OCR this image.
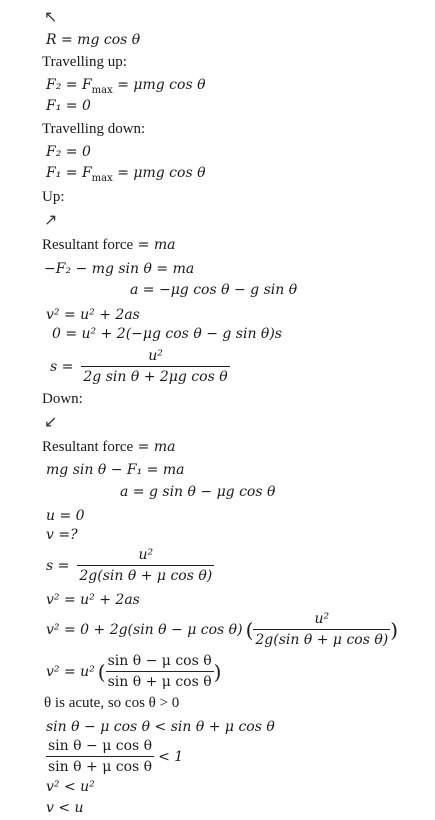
↖
R = mg cos θ
Travelling up:
$F_2 = F_{max} = \mu mg$ cos θ
F₁ = 0
Travelling down:
F₂ = 0
$F_1 = F_{max} = \mu mg$ cos θ
Up:
↗
Resultant force = ma
−F₂ − mg sin θ = ma
a = −μg cos θ − g sin θ
v² = u² + 2as
0 = u² + 2(−μg cos θ − g sin θ)s
$s = \frac{\text{u²}}{\text{2g sin θ + 2μg cos θ}}$
Down:
↙
Resultant force = ma
mg sin θ − F₁ = ma
a = g sin θ − μg cos θ
u = 0
v =?
$s = \frac{\text{u²}}{\text{2g(sin θ + μ cos θ)}}$
v² = u² + 2as
v² = 0 + 2g(sin θ − μ cos θ) ( $\frac{\text{u²}}{\text{2g(sin θ + μ cos θ)}}$ )
v² = u² ( $\frac{\text{sin θ − μ cos θ}}{\text{sin θ + μ cos θ}}$ )
θ is acute, so cos θ > 0
sin θ − μ cos θ < sin θ + μ cos θ
$\frac{\text{sin θ − μ cos θ}}{\text{sin θ + μ cos θ}} < 1$
v² < u²
v < u
